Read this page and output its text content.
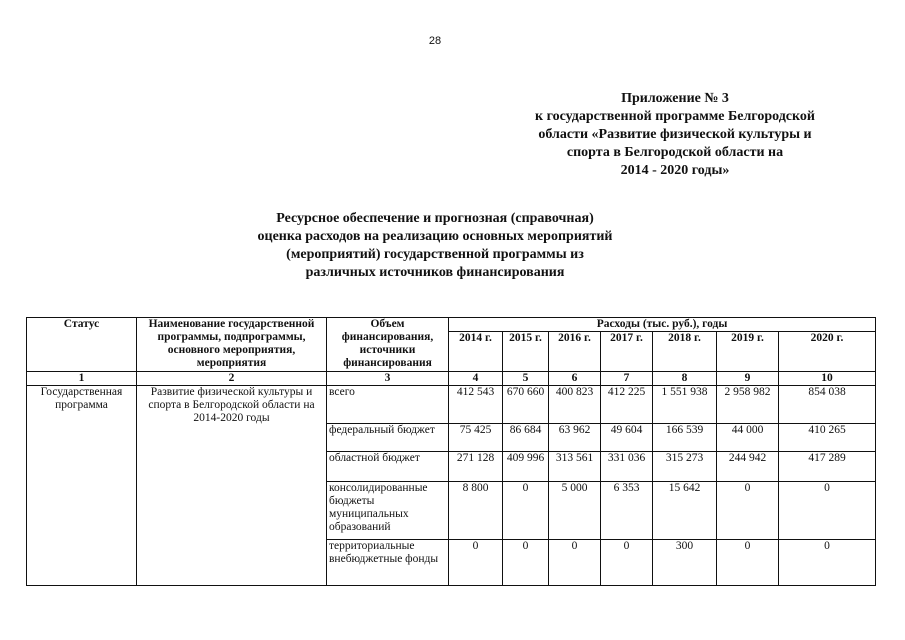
28
Приложение № 3
к государственной программе Белгородской
области «Развитие физической культуры и
спорта в Белгородской области на
2014 - 2020 годы»
Ресурсное обеспечение и прогнозная (справочная)
оценка расходов на реализацию основных мероприятий
(мероприятий) государственной программы из
различных источников финансирования
Статус	Наименование государственной программы, подпрограммы, основного мероприятия, мероприятия	Объем финансирования, источники финансирования	Расходы (тыс. руб.), годы						
			2014 г.	2015 г.	2016 г.	2017 г.	2018 г.	2019 г.	2020 г.
1	2	3	4	5	6	7	8	9	10
Государственная программа	Развитие физической культуры и спорта в Белгородской области на 2014-2020 годы	всего	412 543	670 660	400 823	412 225	1 551 938	2 958 982	854 038
		федеральный бюджет	75 425	86 684	63 962	49 604	166 539	44 000	410 265
		областной бюджет	271 128	409 996	313 561	331 036	315 273	244 942	417 289
		консолидированные бюджеты муниципальных образований	8 800	0	5 000	6 353	15 642	0	0
		территориальные внебюджетные фонды	0	0	0	0	300	0	0
